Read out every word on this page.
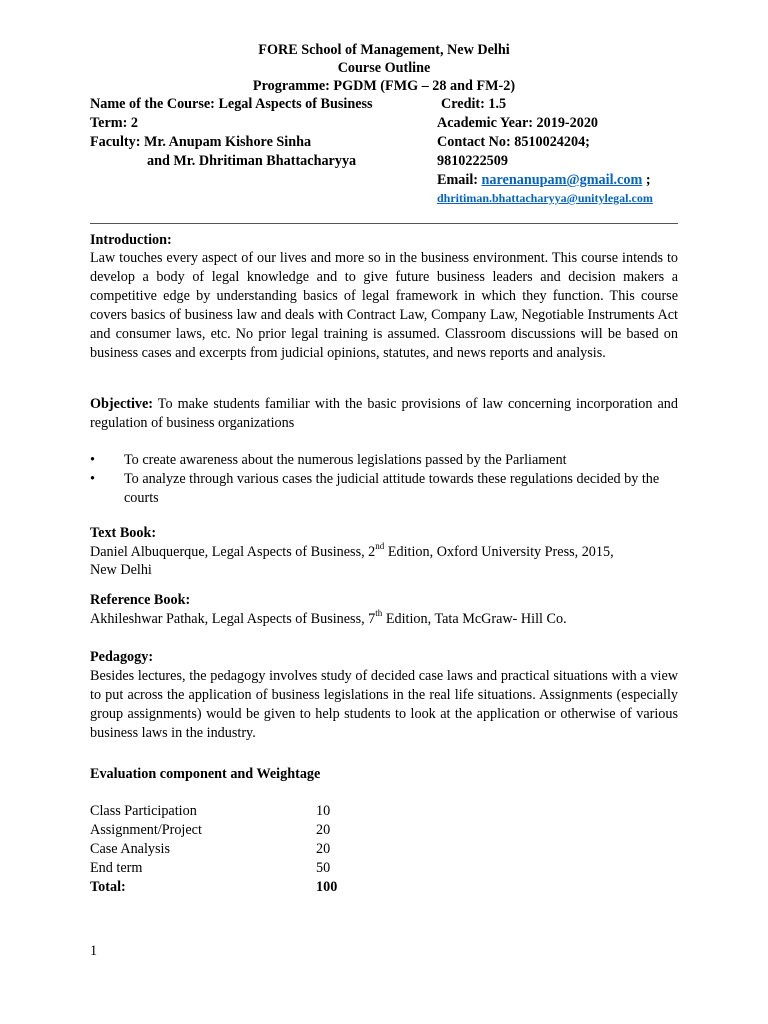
FORE School of Management, New Delhi
Course Outline
Programme: PGDM (FMG – 28 and FM-2)
Name of the Course: Legal Aspects of Business	Credit: 1.5
Term: 2	Academic Year: 2019-2020
Faculty: Mr. Anupam Kishore Sinha	Contact No: 8510024204;
and Mr. Dhritiman Bhattacharyya	9810222509
Email: narenanupam@gmail.com ;
dhritiman.bhattacharyya@unitylegal.com
Introduction:

Law touches every aspect of our lives and more so in the business environment. This course intends to develop a body of legal knowledge and to give future business leaders and decision makers a competitive edge by understanding basics of legal framework in which they function. This course covers basics of business law and deals with Contract Law, Company Law, Negotiable Instruments Act and consumer laws, etc. No prior legal training is assumed. Classroom discussions will be based on business cases and excerpts from judicial opinions, statutes, and news reports and analysis.

Objective: To make students familiar with the basic provisions of law concerning incorporation and regulation of business organizations

• To create awareness about the numerous legislations passed by the Parliament
• To analyze through various cases the judicial attitude towards these regulations decided by the courts
Text Book:
Daniel Albuquerque, Legal Aspects of Business, 2nd Edition, Oxford University Press, 2015,
New Delhi
Reference Book:
Akhileshwar Pathak, Legal Aspects of Business, 7th Edition, Tata McGraw- Hill Co.
Pedagogy:

Besides lectures, the pedagogy involves study of decided case laws and practical situations with a view to put across the application of business legislations in the real life situations. Assignments (especially group assignments) would be given to help students to look at the application or otherwise of various business laws in the industry.

Evaluation component and Weightage
Class Participation	10
Assignment/Project	20
Case Analysis	20
End term	50
Total:	100
1
